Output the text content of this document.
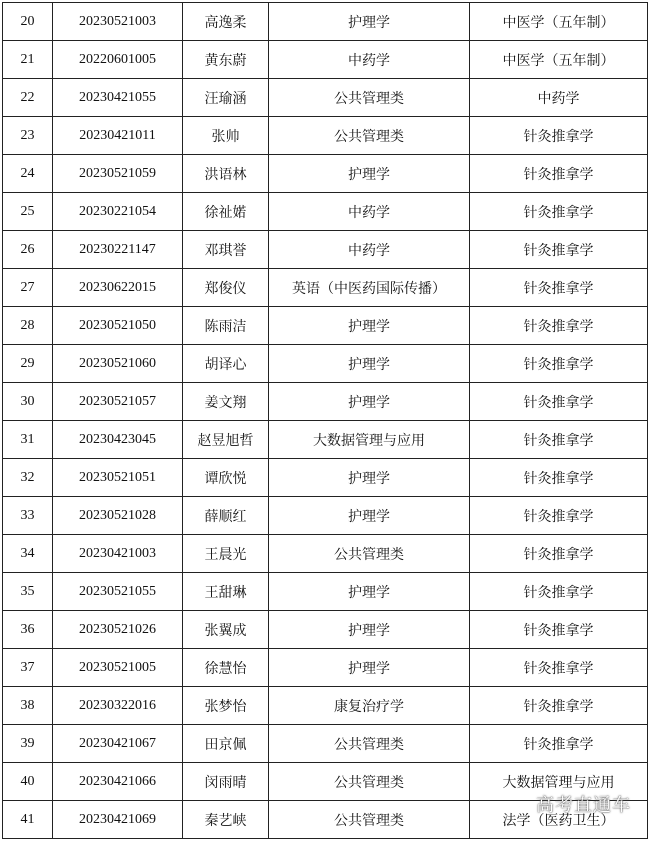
20	20230521003	高逸柔	护理学	中医学（五年制）
21	20220601005	黄东蔚	中药学	中医学（五年制）
22	20230421055	汪瑜涵	公共管理类	中药学
23	20230421011	张帅	公共管理类	针灸推拿学
24	20230521059	洪语林	护理学	针灸推拿学
25	20230221054	徐祉婼	中药学	针灸推拿学
26	20230221147	邓琪誉	中药学	针灸推拿学
27	20230622015	郑俊仪	英语（中医药国际传播）	针灸推拿学
28	20230521050	陈雨洁	护理学	针灸推拿学
29	20230521060	胡译心	护理学	针灸推拿学
30	20230521057	姜文翔	护理学	针灸推拿学
31	20230423045	赵昱旭哲	大数据管理与应用	针灸推拿学
32	20230521051	谭欣悦	护理学	针灸推拿学
33	20230521028	薛顺红	护理学	针灸推拿学
34	20230421003	王晨光	公共管理类	针灸推拿学
35	20230521055	王甜琳	护理学	针灸推拿学
36	20230521026	张翼成	护理学	针灸推拿学
37	20230521005	徐慧怡	护理学	针灸推拿学
38	20230322016	张梦怡	康复治疗学	针灸推拿学
39	20230421067	田京佩	公共管理类	针灸推拿学
40	20230421066	闵雨晴	公共管理类	大数据管理与应用
41	20230421069	秦艺峡	公共管理类	法学（医药卫生）
高考直通车
